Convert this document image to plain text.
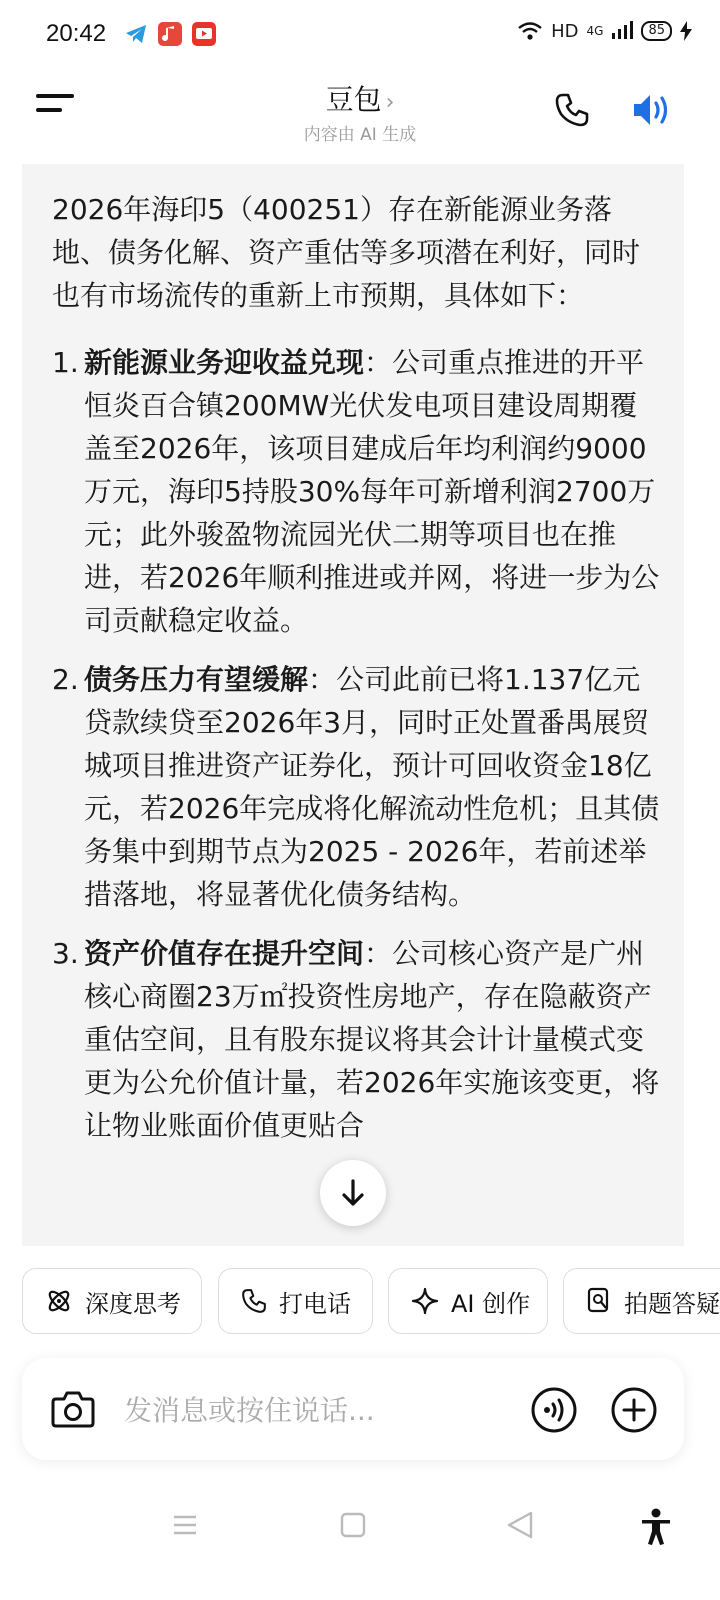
20:42	HD 4G	85
豆包 ›
内容由 AI 生成

2026年海印5（400251）存在新能源业务落地、债务化解、资产重估等多项潜在利好，同时也有市场流传的重新上市预期，具体如下：

1. 新能源业务迎收益兑现：公司重点推进的开平恒炎百合镇200MW光伏发电项目建设周期覆盖至2026年，该项目建成后年均利润约9000万元，海印5持股30%每年可新增利润2700万元；此外骏盈物流园光伏二期等项目也在推进，若2026年顺利推进或并网，将进一步为公司贡献稳定收益。
2. 债务压力有望缓解：公司此前已将1.137亿元贷款续贷至2026年3月，同时正处置番禺展贸城项目推进资产证券化，预计可回收资金18亿元，若2026年完成将化解流动性危机；且其债务集中到期节点为2025 - 2026年，若前述举措落地，将显著优化债务结构。
3. 资产价值存在提升空间：公司核心资产是广州核心商圈23万㎡投资性房地产，存在隐蔽资产重估空间，且有股东提议将其会计计量模式变更为公允价值计量，若2026年实施该变更，将让物业账面价值更贴合
深度思考	打电话	AI 创作	拍题答疑
发消息或按住说话...
